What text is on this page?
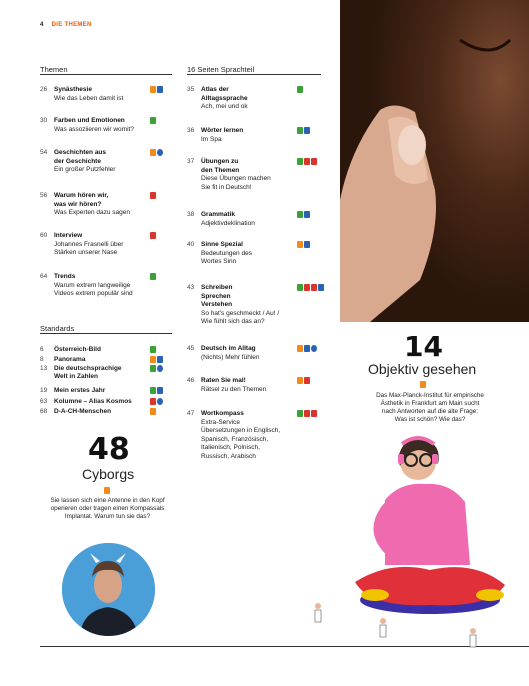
4 DIE THEMEN
Themen	16 Seiten Sprachteil
Standards
26	Synästhesie
Wie das Leben damit ist
30	Farben und Emotionen
Was assoziieren wir womit?
54	Geschichten aus
der Geschichte
Ein großer Putzfehler
56	Warum hören wir,
was wir hören?
Was Experten dazu sagen
60	Interview
Johannes Frasnelli über
Stärken unserer Nase
64	Trends
Warum extrem langweilige
Videos extrem populär sind
35	Atlas der
Alltagssprache
Ach, mei und ok
36	Wörter lernen
Im Spa
37	Übungen zu
den Themen
Diese Übungen machen
Sie fit in Deutsch!
38	Grammatik
Adjektivdeklination
40	Sinne Spezial
Bedeutungen des
Wortes Sinn
43	Schreiben
Sprechen
Verstehen
So hat's geschmeckt / Au! /
Wie fühlt sich das an?
45	Deutsch im Alltag
(Nichts) Mehr fühlen
46	Raten Sie mal!
Rätsel zu den Themen
47	Wortkompass
Extra-Service
Übersetzungen in Englisch,
Spanisch, Französisch,
Italienisch, Polnisch,
Russisch, Arabisch
6	Österreich-Bild
8	Panorama
13	Die deutschsprachige
Welt in Zahlen
19	Mein erstes Jahr
63	Kolumne – Alias Kosmos
68	D-A-CH-Menschen
48
Cyborgs
Sie lassen sich eine Antenne in den Kopf
operieren oder tragen einen Kompassals
Implantat. Warum tun sie das?
14
Objektiv gesehen
Das Max-Planck-Institut für empirische
Ästhetik in Frankfurt am Main sucht
nach Antworten auf die alte Frage:
Was ist schön? Wie das?
